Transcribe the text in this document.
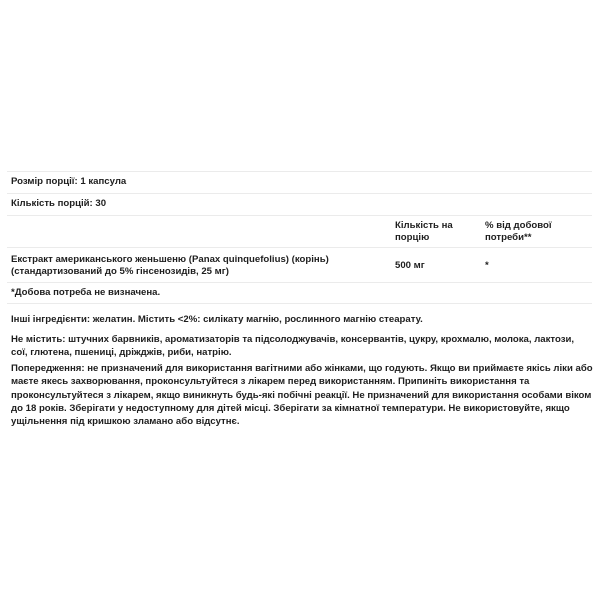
Розмір порції: 1 капсула
Кількість порцій: 30
Кількість на порцію
% від добової потреби**
Екстракт американського женьшеню (Panax quinquefolius) (корінь) (стандартизований до 5% гінсенозидів, 25 мг)
500 мг	*
*Добова потреба не визначена.
Інші інгредієнти: желатин. Містить <2%: силікату магнію, рослинного магнію стеарату.
Не містить: штучних барвників, ароматизаторів та підсолоджувачів, консервантів, цукру, крохмалю, молока, лактози, сої, глютена, пшениці, дріжджів, риби, натрію.
Попередження: не призначений для використання вагітними або жінками, що годують. Якщо ви приймаєте якісь ліки або маєте якесь захворювання, проконсультуйтеся з лікарем перед використанням. Припиніть використання та проконсультуйтеся з лікарем, якщо виникнуть будь-які побічні реакції. Не призначений для використання особами віком до 18 років. Зберігати у недоступному для дітей місці. Зберігати за кімнатної температури. Не використовуйте, якщо ущільнення під кришкою зламано або відсутнє.
